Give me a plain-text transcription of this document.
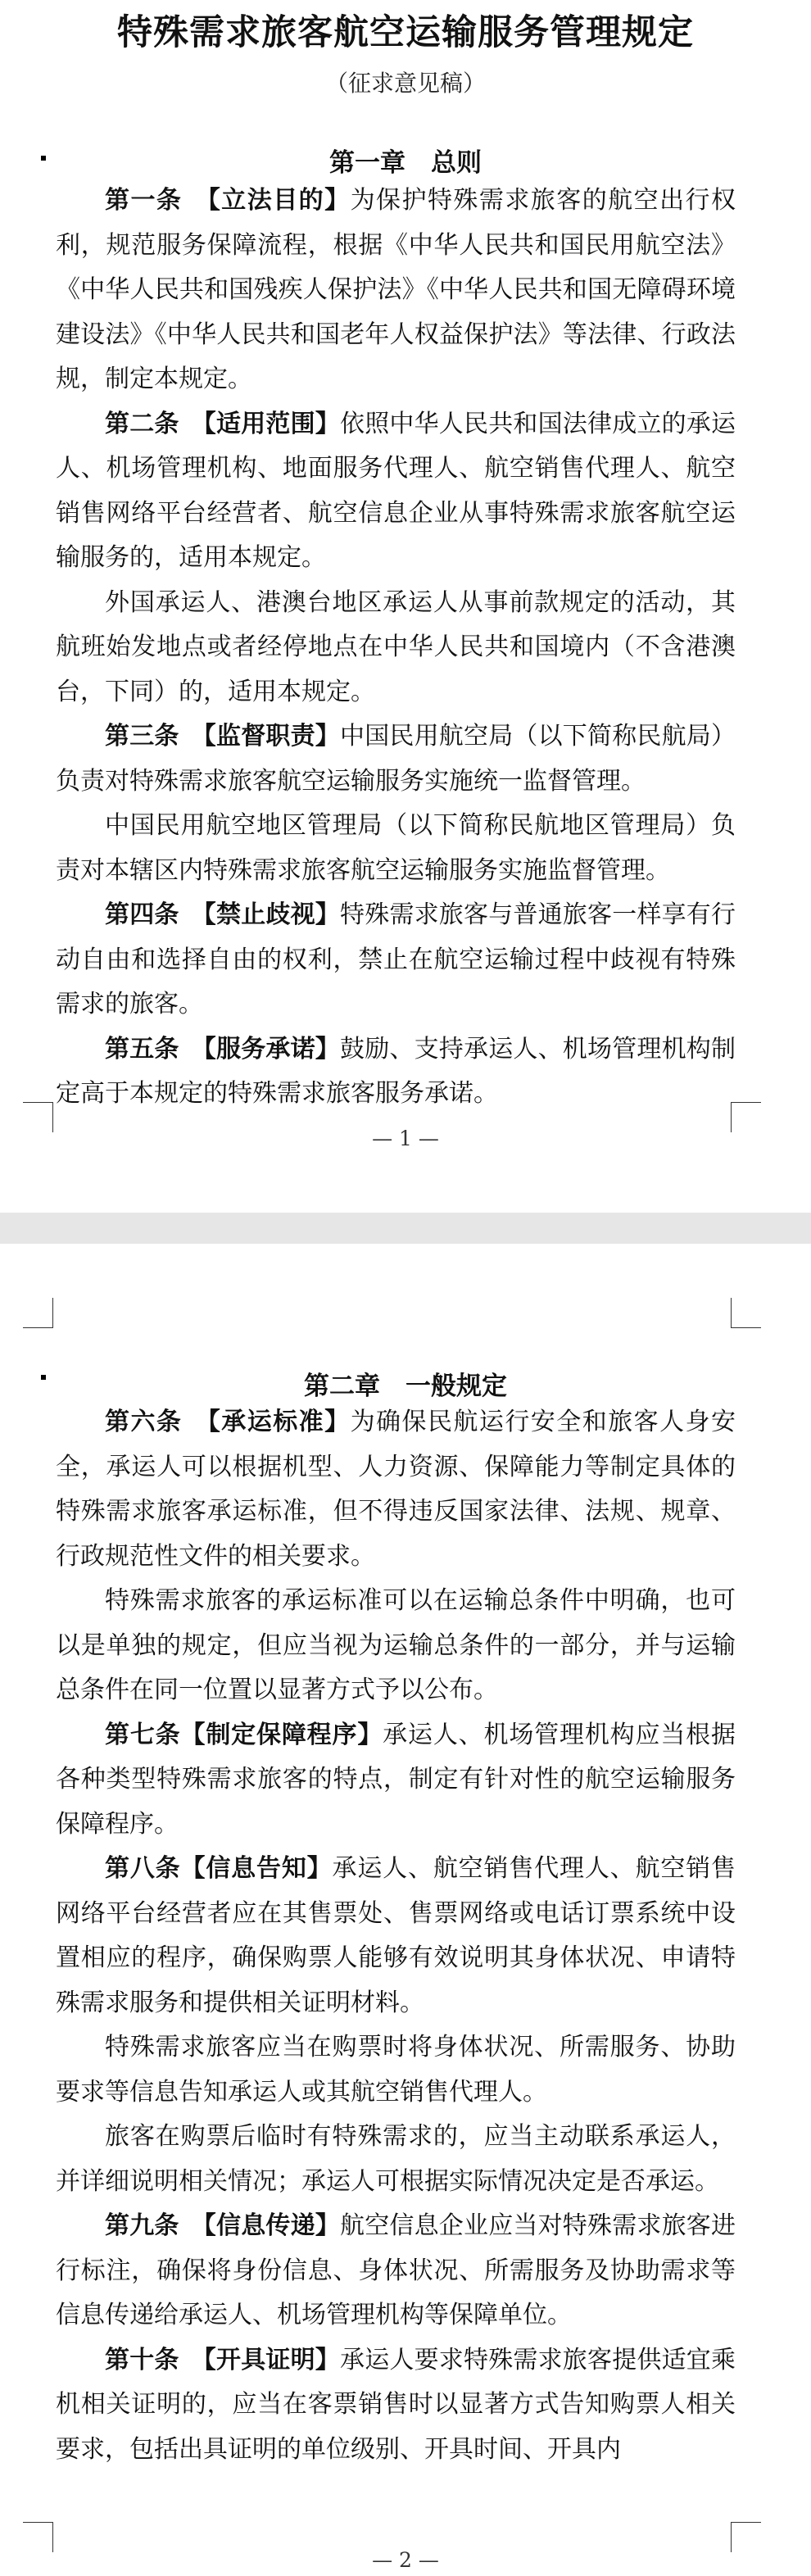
特殊需求旅客航空运输服务管理规定
（征求意见稿）
第一章　总则

第一条　【立法目的】为保护特殊需求旅客的航空出行权利，规范服务保障流程，根据《中华人民共和国民用航空法》《中华人民共和国残疾人保护法》《中华人民共和国无障碍环境建设法》《中华人民共和国老年人权益保护法》等法律、行政法规，制定本规定。

第二条　【适用范围】依照中华人民共和国法律成立的承运人、机场管理机构、地面服务代理人、航空销售代理人、航空销售网络平台经营者、航空信息企业从事特殊需求旅客航空运输服务的，适用本规定。

外国承运人、港澳台地区承运人从事前款规定的活动，其航班始发地点或者经停地点在中华人民共和国境内（不含港澳台，下同）的，适用本规定。

第三条　【监督职责】中国民用航空局（以下简称民航局）负责对特殊需求旅客航空运输服务实施统一监督管理。

中国民用航空地区管理局（以下简称民航地区管理局）负责对本辖区内特殊需求旅客航空运输服务实施监督管理。

第四条　【禁止歧视】特殊需求旅客与普通旅客一样享有行动自由和选择自由的权利，禁止在航空运输过程中歧视有特殊需求的旅客。

第五条　【服务承诺】鼓励、支持承运人、机场管理机构制定高于本规定的特殊需求旅客服务承诺。

— 1 —
第二章　一般规定

第六条　【承运标准】为确保民航运行安全和旅客人身安全，承运人可以根据机型、人力资源、保障能力等制定具体的特殊需求旅客承运标准，但不得违反国家法律、法规、规章、行政规范性文件的相关要求。

特殊需求旅客的承运标准可以在运输总条件中明确，也可以是单独的规定，但应当视为运输总条件的一部分，并与运输总条件在同一位置以显著方式予以公布。

第七条【制定保障程序】承运人、机场管理机构应当根据各种类型特殊需求旅客的特点，制定有针对性的航空运输服务保障程序。

第八条【信息告知】承运人、航空销售代理人、航空销售网络平台经营者应在其售票处、售票网络或电话订票系统中设置相应的程序，确保购票人能够有效说明其身体状况、申请特殊需求服务和提供相关证明材料。

特殊需求旅客应当在购票时将身体状况、所需服务、协助要求等信息告知承运人或其航空销售代理人。

旅客在购票后临时有特殊需求的，应当主动联系承运人，并详细说明相关情况；承运人可根据实际情况决定是否承运。

第九条　【信息传递】航空信息企业应当对特殊需求旅客进行标注，确保将身份信息、身体状况、所需服务及协助需求等信息传递给承运人、机场管理机构等保障单位。

第十条　【开具证明】承运人要求特殊需求旅客提供适宜乘机相关证明的，应当在客票销售时以显著方式告知购票人相关要求，包括出具证明的单位级别、开具时间、开具内

— 2 —
